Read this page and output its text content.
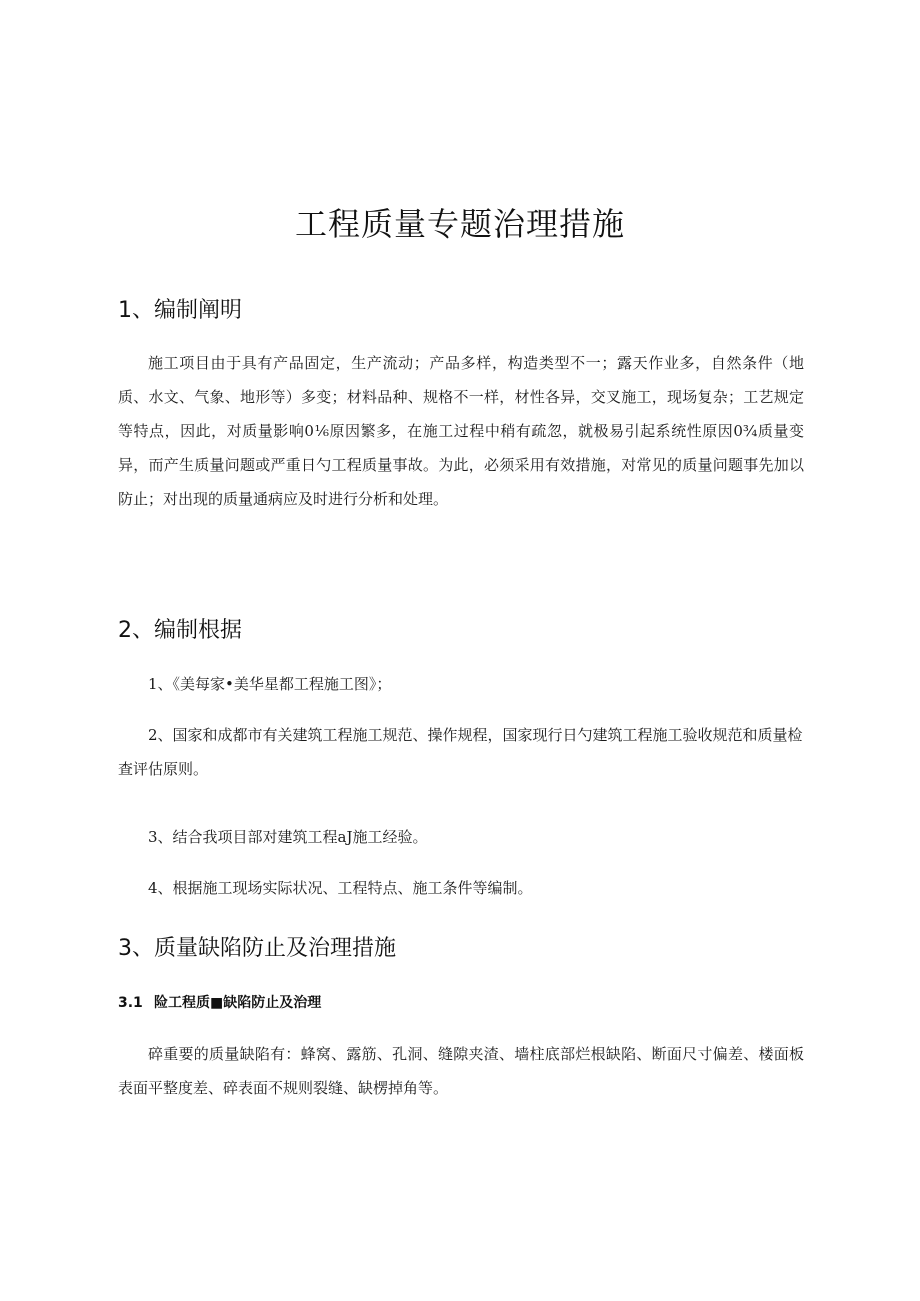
工程质量专题治理措施
1、编制阐明

施工项目由于具有产品固定，生产流动；产品多样，构造类型不一；露天作业多，自然条件（地质、水文、气象、地形等）多变；材料品种、规格不一样，材性各异，交叉施工，现场复杂；工艺规定等特点，因此，对质量影响0⅙原因繁多，在施工过程中稍有疏忽，就极易引起系统性原因0¾质量变异，而产生质量问题或严重日勺工程质量事故。为此，必须采用有效措施，对常见的质量问题事先加以防止；对出现的质量通病应及时进行分析和处理。

2、编制根据

1、《美每家•美华星都工程施工图》；

2、国家和成都市有关建筑工程施工规范、操作规程，国家现行日勺建筑工程施工验收规范和质量检查评估原则。

3、结合我项目部对建筑工程aJ施工经验。

4、根据施工现场实际状况、工程特点、施工条件等编制。

3、质量缺陷防止及治理措施
3.1 险工程质■缺陷防止及治理

碎重要的质量缺陷有：蜂窝、露筋、孔洞、缝隙夹渣、墙柱底部烂根缺陷、断面尺寸偏差、楼面板表面平整度差、碎表面不规则裂缝、缺楞掉角等。
